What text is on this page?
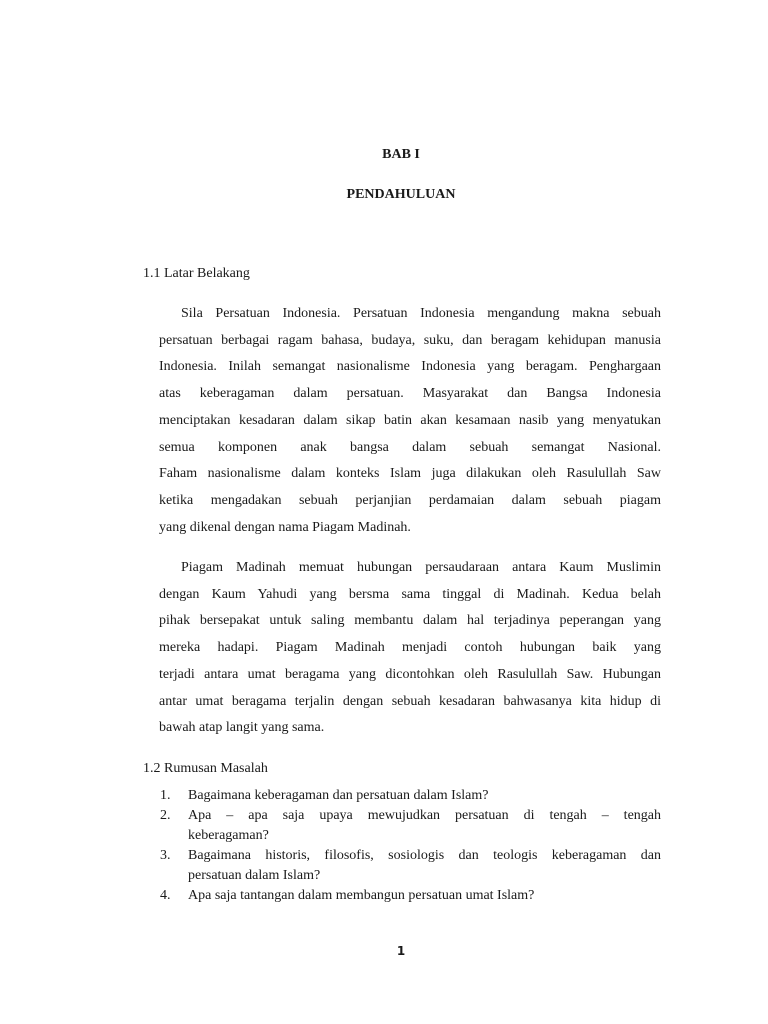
BAB I
PENDAHULUAN
1.1 Latar Belakang

Sila Persatuan Indonesia. Persatuan Indonesia mengandung makna sebuah
persatuan berbagai ragam bahasa, budaya, suku, dan beragam kehidupan manusia
Indonesia. Inilah semangat nasionalisme Indonesia yang beragam. Penghargaan
atas keberagaman dalam persatuan. Masyarakat dan Bangsa Indonesia
menciptakan kesadaran dalam sikap batin akan kesamaan nasib yang menyatukan
semua komponen anak bangsa dalam sebuah semangat Nasional.
Faham nasionalisme dalam konteks Islam juga dilakukan oleh Rasulullah Saw
ketika mengadakan sebuah perjanjian perdamaian dalam sebuah piagam
yang dikenal dengan nama Piagam Madinah.

Piagam Madinah memuat hubungan persaudaraan antara Kaum Muslimin
dengan Kaum Yahudi yang bersma sama tinggal di Madinah. Kedua belah
pihak bersepakat untuk saling membantu dalam hal terjadinya peperangan yang
mereka hadapi. Piagam Madinah menjadi contoh hubungan baik yang
terjadi antara umat beragama yang dicontohkan oleh Rasulullah Saw. Hubungan
antar umat beragama terjalin dengan sebuah kesadaran bahwasanya kita hidup di
bawah atap langit yang sama.

1.2 Rumusan Masalah
1. Bagaimana keberagaman dan persatuan dalam Islam?
2. Apa – apa saja upaya mewujudkan persatuan di tengah – tengah
keberagaman?
3. Bagaimana historis, filosofis, sosiologis dan teologis keberagaman dan
persatuan dalam Islam?
4. Apa saja tantangan dalam membangun persatuan umat Islam?
1
